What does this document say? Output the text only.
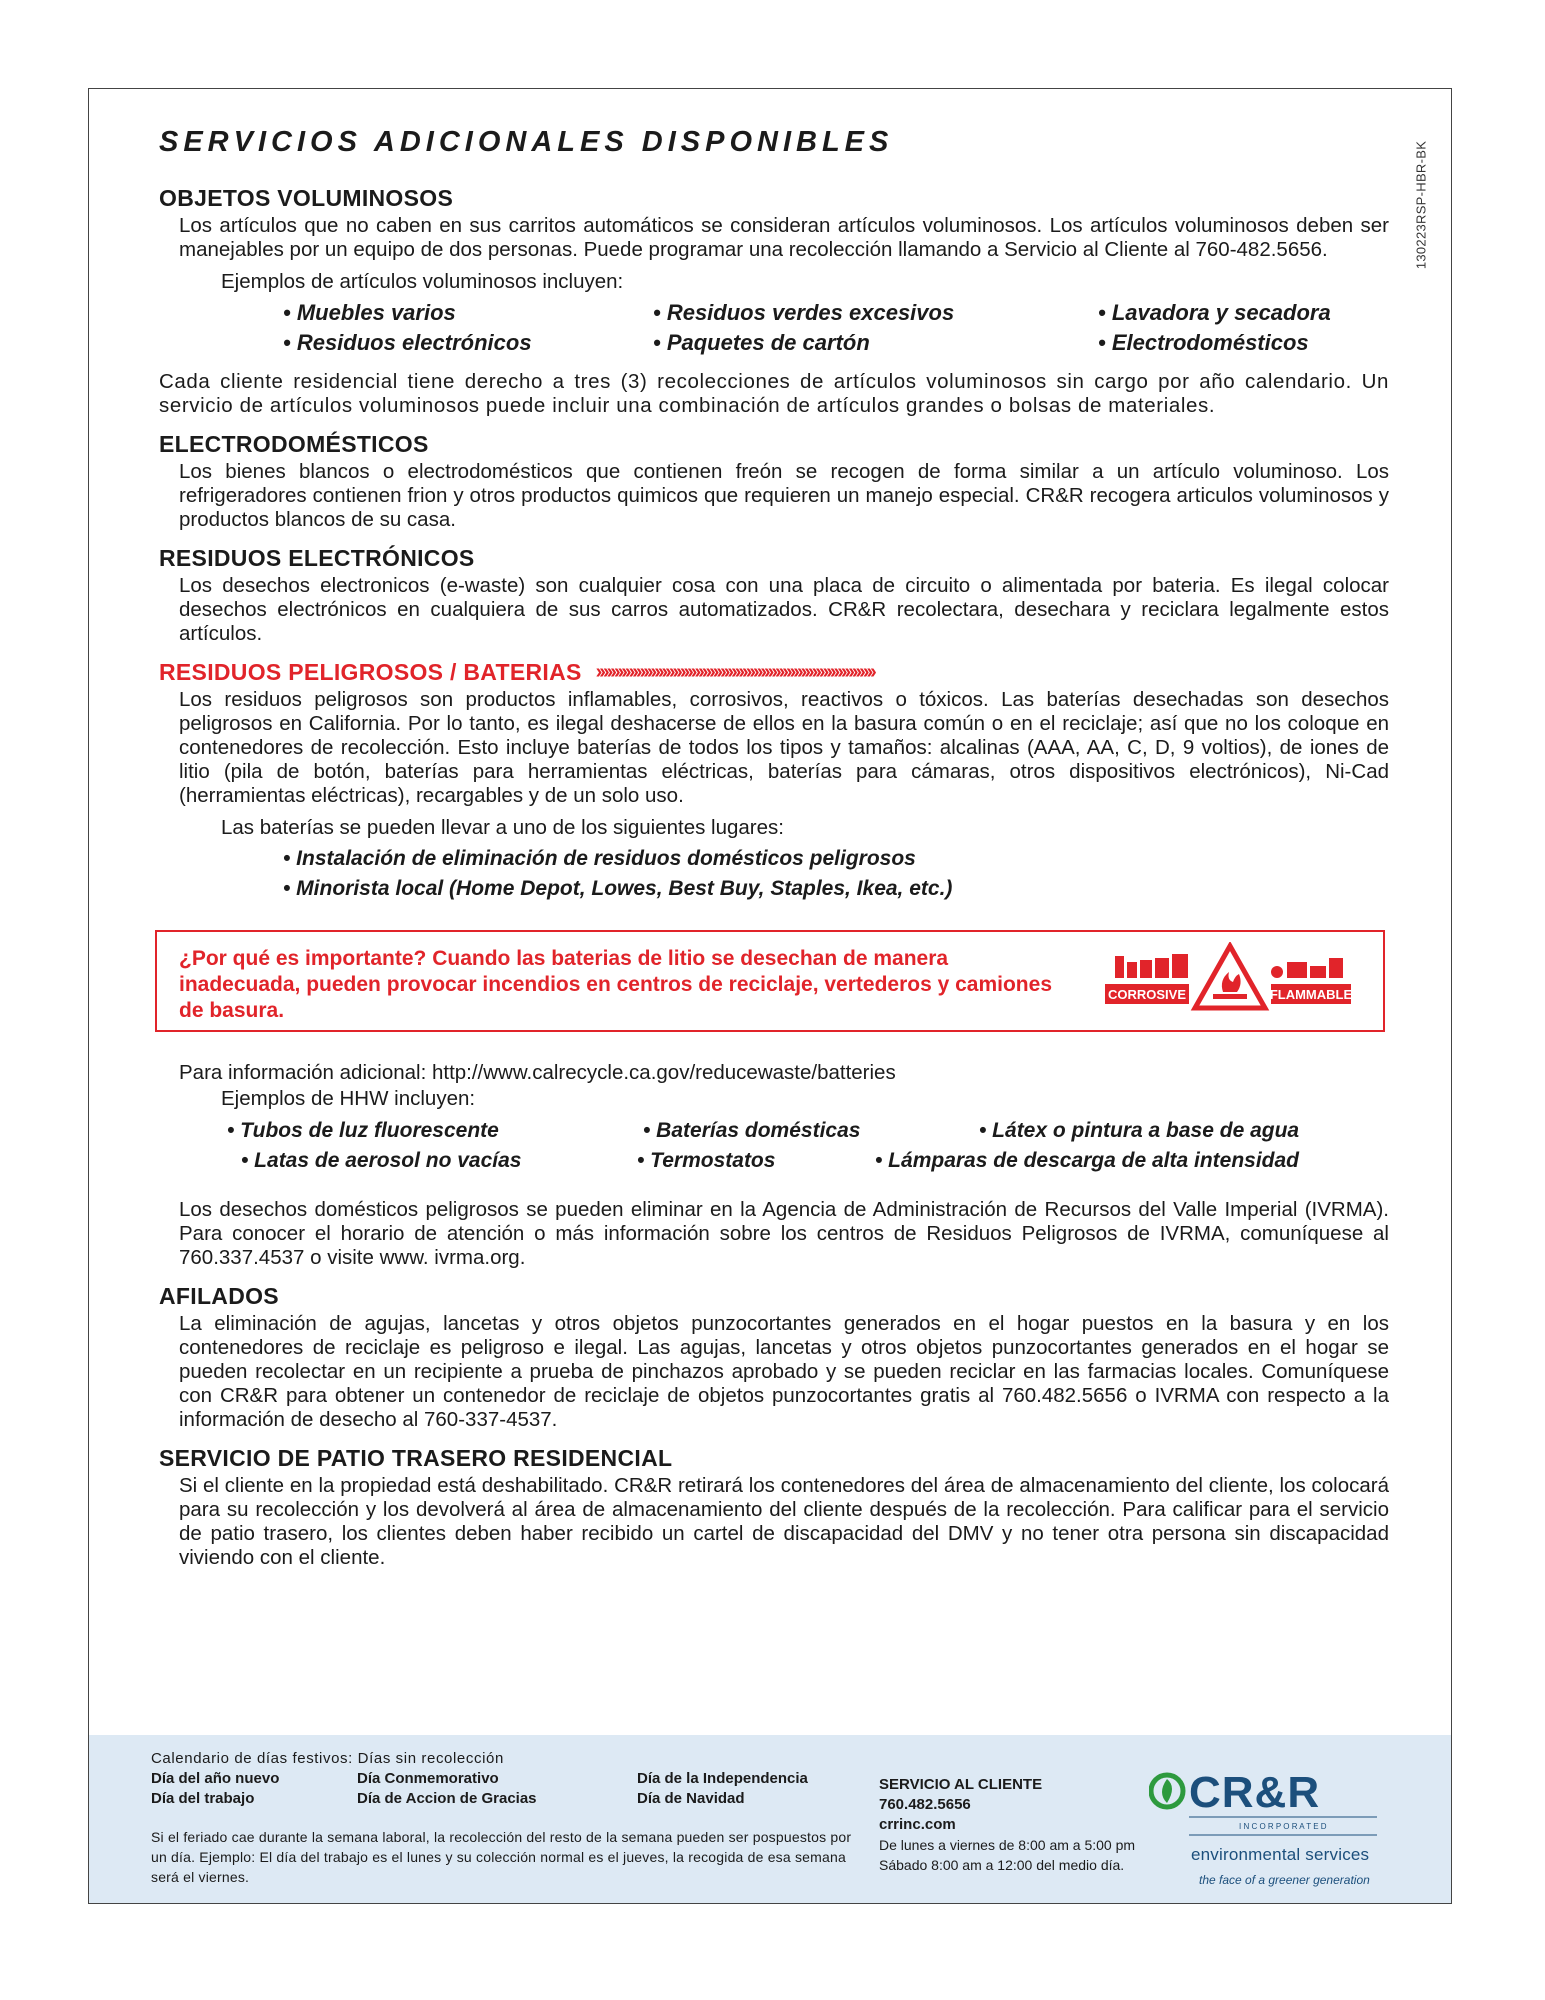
130223RSP-HBR-BK
SERVICIOS ADICIONALES DISPONIBLES
OBJETOS VOLUMINOSOS

Los artículos que no caben en sus carritos automáticos se consideran artículos voluminosos. Los artículos voluminosos deben ser manejables por un equipo de dos personas. Puede programar una recolección llamando a Servicio al Cliente al 760-482.5656.

Ejemplos de artículos voluminosos incluyen:

• Muebles varios	• Residuos verdes excesivos	• Lavadora y secadora
• Residuos electrónicos	• Paquetes de cartón	• Electrodomésticos

Cada cliente residencial tiene derecho a tres (3) recolecciones de artículos voluminosos sin cargo por año calendario. Un servicio de artículos voluminosos puede incluir una combinación de artículos grandes o bolsas de materiales.

ELECTRODOMÉSTICOS

Los bienes blancos o electrodomésticos que contienen freón se recogen de forma similar a un artículo voluminoso. Los refrigeradores contienen frion y otros productos quimicos que requieren un manejo especial. CR&R recogera articulos voluminosos y productos blancos de su casa.

RESIDUOS ELECTRÓNICOS

Los desechos electronicos (e-waste) son cualquier cosa con una placa de circuito o alimentada por bateria. Es ilegal colocar desechos electrónicos en cualquiera de sus carros automatizados. CR&R recolectara, desechara y reciclara legalmente estos artículos.

RESIDUOS PELIGROSOS / BATERIAS ››››››››››››››››››››››››››››››››››››››››››››››››››››››››››››››››››››››››››››

Los residuos peligrosos son productos inflamables, corrosivos, reactivos o tóxicos. Las baterías desechadas son desechos peligrosos en California. Por lo tanto, es ilegal deshacerse de ellos en la basura común o en el reciclaje; así que no los coloque en contenedores de recolección. Esto incluye baterías de todos los tipos y tamaños: alcalinas (AAA, AA, C, D, 9 voltios), de iones de litio (pila de botón, baterías para herramientas eléctricas, baterías para cámaras, otros dispositivos electrónicos), Ni-Cad (herramientas eléctricas), recargables y de un solo uso.

Las baterías se pueden llevar a uno de los siguientes lugares:

• Instalación de eliminación de residuos domésticos peligrosos
• Minorista local (Home Depot, Lowes, Best Buy, Staples, Ikea, etc.)

¿Por qué es importante? Cuando las baterias de litio se desechan de manera inadecuada, pueden provocar incendios en centros de reciclaje, vertederos y camiones de basura.

CORROSIVE	FLAMMABLE

Para información adicional: http://www.calrecycle.ca.gov/reducewaste/batteries

Ejemplos de HHW incluyen:

• Tubos de luz fluorescente	• Baterías domésticas	• Látex o pintura a base de agua
• Latas de aerosol no vacías	• Termostatos	• Lámparas de descarga de alta intensidad

Los desechos domésticos peligrosos se pueden eliminar en la Agencia de Administración de Recursos del Valle Imperial (IVRMA). Para conocer el horario de atención o más información sobre los centros de Residuos Peligrosos de IVRMA, comuníquese al 760.337.4537 o visite www. ivrma.org.

AFILADOS

La eliminación de agujas, lancetas y otros objetos punzocortantes generados en el hogar puestos en la basura y en los contenedores de reciclaje es peligroso e ilegal. Las agujas, lancetas y otros objetos punzocortantes generados en el hogar se pueden recolectar en un recipiente a prueba de pinchazos aprobado y se pueden reciclar en las farmacias locales. Comuníquese con CR&R para obtener un contenedor de reciclaje de objetos punzocortantes gratis al 760.482.5656 o IVRMA con respecto a la información de desecho al 760-337-4537.

SERVICIO DE PATIO TRASERO RESIDENCIAL

Si el cliente en la propiedad está deshabilitado. CR&R retirará los contenedores del área de almacenamiento del cliente, los colocará para su recolección y los devolverá al área de almacenamiento del cliente después de la recolección. Para calificar para el servicio de patio trasero, los clientes deben haber recibido un cartel de discapacidad del DMV y no tener otra persona sin discapacidad viviendo con el cliente.

Calendario de días festivos: Días sin recolección
Día del año nuevo	Día Conmemorativo	Día de la Independencia
Día del trabajo	Día de Accion de Gracias	Día de Navidad
Si el feriado cae durante la semana laboral, la recolección del resto de la semana pueden ser pospuestos por un día. Ejemplo: El día del trabajo es el lunes y su colección normal es el jueves, la recogida de esa semana será el viernes.
SERVICIO AL CLIENTE
760.482.5656
crrinc.com
De lunes a viernes de 8:00 am a 5:00 pm
Sábado 8:00 am a 12:00 del medio día.
CR&R
I N C O R P O R A T E D
environmental services
the face of a greener generation
